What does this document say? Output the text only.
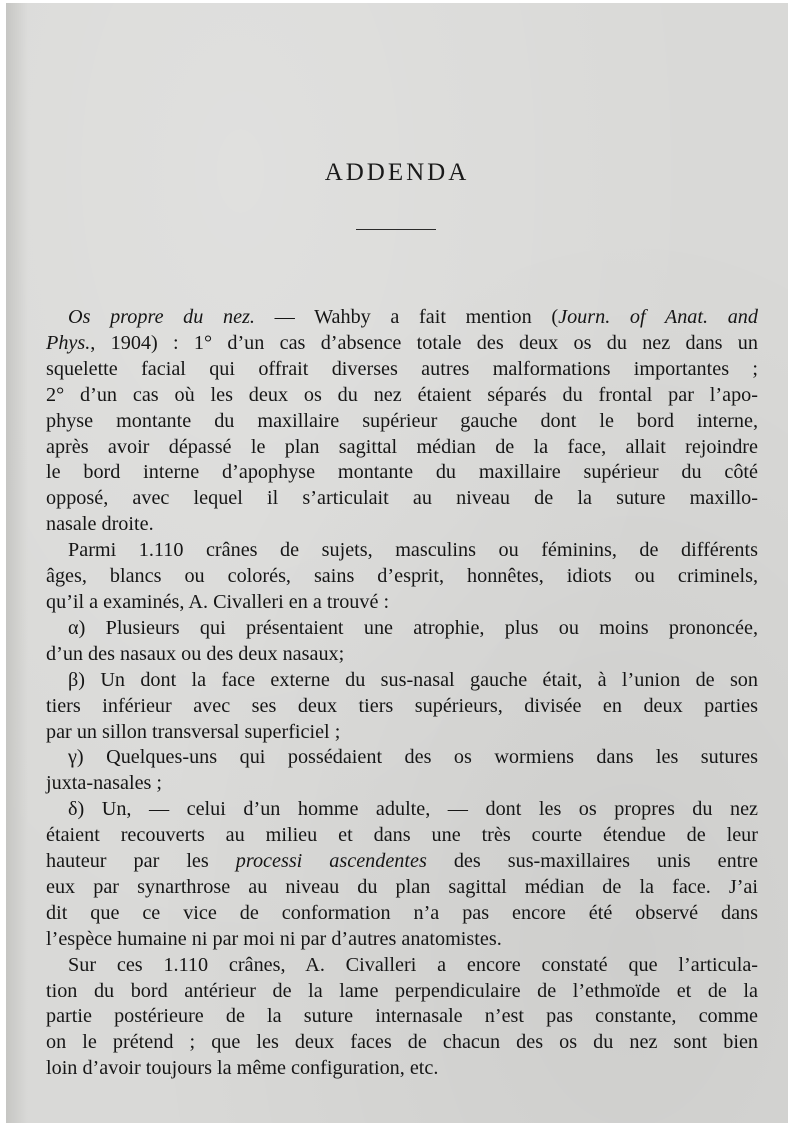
ADDENDA
Os propre du nez. — Wahby a fait mention (Journ. of Anat. and
Phys., 1904) : 1° d’un cas d’absence totale des deux os du nez dans un
squelette facial qui offrait diverses autres malformations importantes ;
2° d’un cas où les deux os du nez étaient séparés du frontal par l’apo-
physe montante du maxillaire supérieur gauche dont le bord interne,
après avoir dépassé le plan sagittal médian de la face, allait rejoindre
le bord interne d’apophyse montante du maxillaire supérieur du côté
opposé, avec lequel il s’articulait au niveau de la suture maxillo-
nasale droite.
Parmi 1.110 crânes de sujets, masculins ou féminins, de différents
âges, blancs ou colorés, sains d’esprit, honnêtes, idiots ou criminels,
qu’il a examinés, A. Civalleri en a trouvé :
α) Plusieurs qui présentaient une atrophie, plus ou moins prononcée,
d’un des nasaux ou des deux nasaux;
β) Un dont la face externe du sus-nasal gauche était, à l’union de son
tiers inférieur avec ses deux tiers supérieurs, divisée en deux parties
par un sillon transversal superficiel ;
γ) Quelques-uns qui possédaient des os wormiens dans les sutures
juxta-nasales ;
δ) Un, — celui d’un homme adulte, — dont les os propres du nez
étaient recouverts au milieu et dans une très courte étendue de leur
hauteur par les processi ascendentes des sus-maxillaires unis entre
eux par synarthrose au niveau du plan sagittal médian de la face. J’ai
dit que ce vice de conformation n’a pas encore été observé dans
l’espèce humaine ni par moi ni par d’autres anatomistes.
Sur ces 1.110 crânes, A. Civalleri a encore constaté que l’articula-
tion du bord antérieur de la lame perpendiculaire de l’ethmoïde et de la
partie postérieure de la suture internasale n’est pas constante, comme
on le prétend ; que les deux faces de chacun des os du nez sont bien
loin d’avoir toujours la même configuration, etc.
